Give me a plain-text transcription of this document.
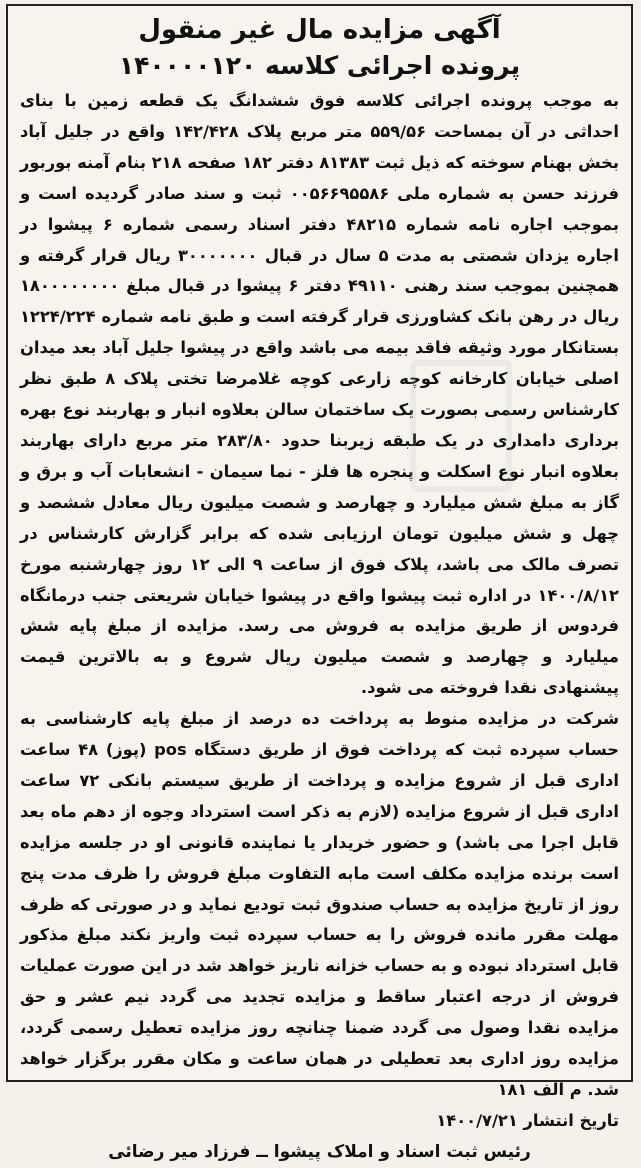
آگهی مزایده مال غیر منقول
پرونده اجرائی کلاسه ۱۴۰۰۰۰۱۲۰

به موجب پرونده اجرائی کلاسه فوق ششدانگ یک قطعه زمین با بنای احداثی در آن بمساحت ۵۵۹/۵۶ متر مربع پلاک ۱۴۲/۴۲۸ واقع در جلیل آباد بخش بهنام سوخته که ذیل ثبت ۸۱۳۸۳ دفتر ۱۸۲ صفحه ۲۱۸ بنام آمنه بوربور فرزند حسن به شماره ملی ۰۰۵۶۶۹۵۵۸۶ ثبت و سند صادر گردیده است و بموجب اجاره نامه شماره ۴۸۲۱۵ دفتر اسناد رسمی شماره ۶ پیشوا در اجاره یزدان شصتی به مدت ۵ سال در قبال ۳۰۰۰۰۰۰۰ ریال قرار گرفته و همچنین بموجب سند رهنی ۴۹۱۱۰ دفتر ۶ پیشوا در قبال مبلغ ۱۸۰۰۰۰۰۰۰۰ ریال در رهن بانک کشاورزی قرار گرفته است و طبق نامه شماره ۱۲۲۴/۲۲۴ بستانکار مورد وثیقه فاقد بیمه می باشد واقع در پیشوا جلیل آباد بعد میدان اصلی خیابان کارخانه کوچه زارعی کوچه غلامرضا تختی پلاک ۸ طبق نظر کارشناس رسمی بصورت یک ساختمان سالن بعلاوه انبار و بهاربند نوع بهره برداری دامداری در یک طبقه زیربنا حدود ۲۸۳/۸۰ متر مربع دارای بهاربند بعلاوه انبار نوع اسکلت و پنجره ها فلز - نما سیمان - انشعابات آب و برق و گاز به مبلغ شش میلیارد و چهارصد و شصت میلیون ریال معادل ششصد و چهل و شش میلیون تومان ارزیابی شده که برابر گزارش کارشناس در تصرف مالک می باشد، پلاک فوق از ساعت ۹ الی ۱۲ روز چهارشنبه مورخ ۱۴۰۰/۸/۱۲ در اداره ثبت پیشوا واقع در پیشوا خیابان شریعتی جنب درمانگاه فردوس از طریق مزایده به فروش می رسد. مزایده از مبلغ پایه شش میلیارد و چهارصد و شصت میلیون ریال شروع و به بالاترین قیمت پیشنهادی نقدا فروخته می شود.

شرکت در مزایده منوط به پرداخت ده درصد از مبلغ پایه کارشناسی به حساب سپرده ثبت که پرداخت فوق از طریق دستگاه pos (پوز) ۴۸ ساعت اداری قبل از شروع مزایده و پرداخت از طریق سیستم بانکی ۷۲ ساعت اداری قبل از شروع مزایده (لازم به ذکر است استرداد وجوه از دهم ماه بعد قابل اجرا می باشد) و حضور خریدار یا نماینده قانونی او در جلسه مزایده است برنده مزایده مکلف است مابه التفاوت مبلغ فروش را ظرف مدت پنج روز از تاریخ مزایده به حساب صندوق ثبت تودیع نماید و در صورتی که ظرف مهلت مقرر مانده فروش را به حساب سپرده ثبت واریز نکند مبلغ مذکور قابل استرداد نبوده و به حساب خزانه ناریز خواهد شد در این صورت عملیات فروش از درجه اعتبار ساقط و مزایده تجدید می گردد نیم عشر و حق مزایده نقدا وصول می گردد ضمنا چنانچه روز مزایده تعطیل رسمی گردد، مزایده روز اداری بعد تعطیلی در همان ساعت و مکان مقرر برگزار خواهد شد. م الف ۱۸۱

تاریخ انتشار ۱۴۰۰/۷/۲۱

رئیس ثبت اسناد و املاک پیشوا ــ فرزاد میر رضائی
